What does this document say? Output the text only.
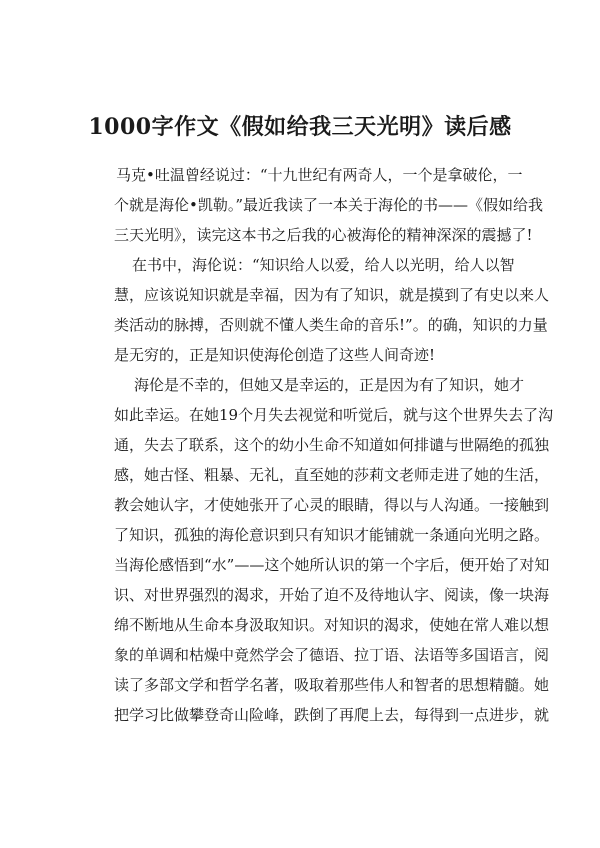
1000字作文《假如给我三天光明》读后感
马克•吐温曾经说过：“十九世纪有两奇人，一个是拿破伦，一
个就是海伦•凯勒。”最近我读了一本关于海伦的书——《假如给我
三天光明》，读完这本书之后我的心被海伦的精神深深的震撼了!
在书中，海伦说：“知识给人以爱，给人以光明，给人以智
慧，应该说知识就是幸福，因为有了知识，就是摸到了有史以来人
类活动的脉搏，否则就不懂人类生命的音乐!”。的确，知识的力量
是无穷的，正是知识使海伦创造了这些人间奇迹!
海伦是不幸的，但她又是幸运的，正是因为有了知识，她才
如此幸运。在她19个月失去视觉和听觉后，就与这个世界失去了沟
通，失去了联系，这个的幼小生命不知道如何排谴与世隔绝的孤独
感，她古怪、粗暴、无礼，直至她的莎莉文老师走进了她的生活，
教会她认字，才使她张开了心灵的眼睛，得以与人沟通。一接触到
了知识，孤独的海伦意识到只有知识才能铺就一条通向光明之路。
当海伦感悟到“水”——这个她所认识的第一个字后，便开始了对知
识、对世界强烈的渴求，开始了迫不及待地认字、阅读，像一块海
绵不断地从生命本身汲取知识。对知识的渴求，使她在常人难以想
象的单调和枯燥中竟然学会了德语、拉丁语、法语等多国语言，阅
读了多部文学和哲学名著，吸取着那些伟人和智者的思想精髓。她
把学习比做攀登奇山险峰，跌倒了再爬上去，每得到一点进步，就
